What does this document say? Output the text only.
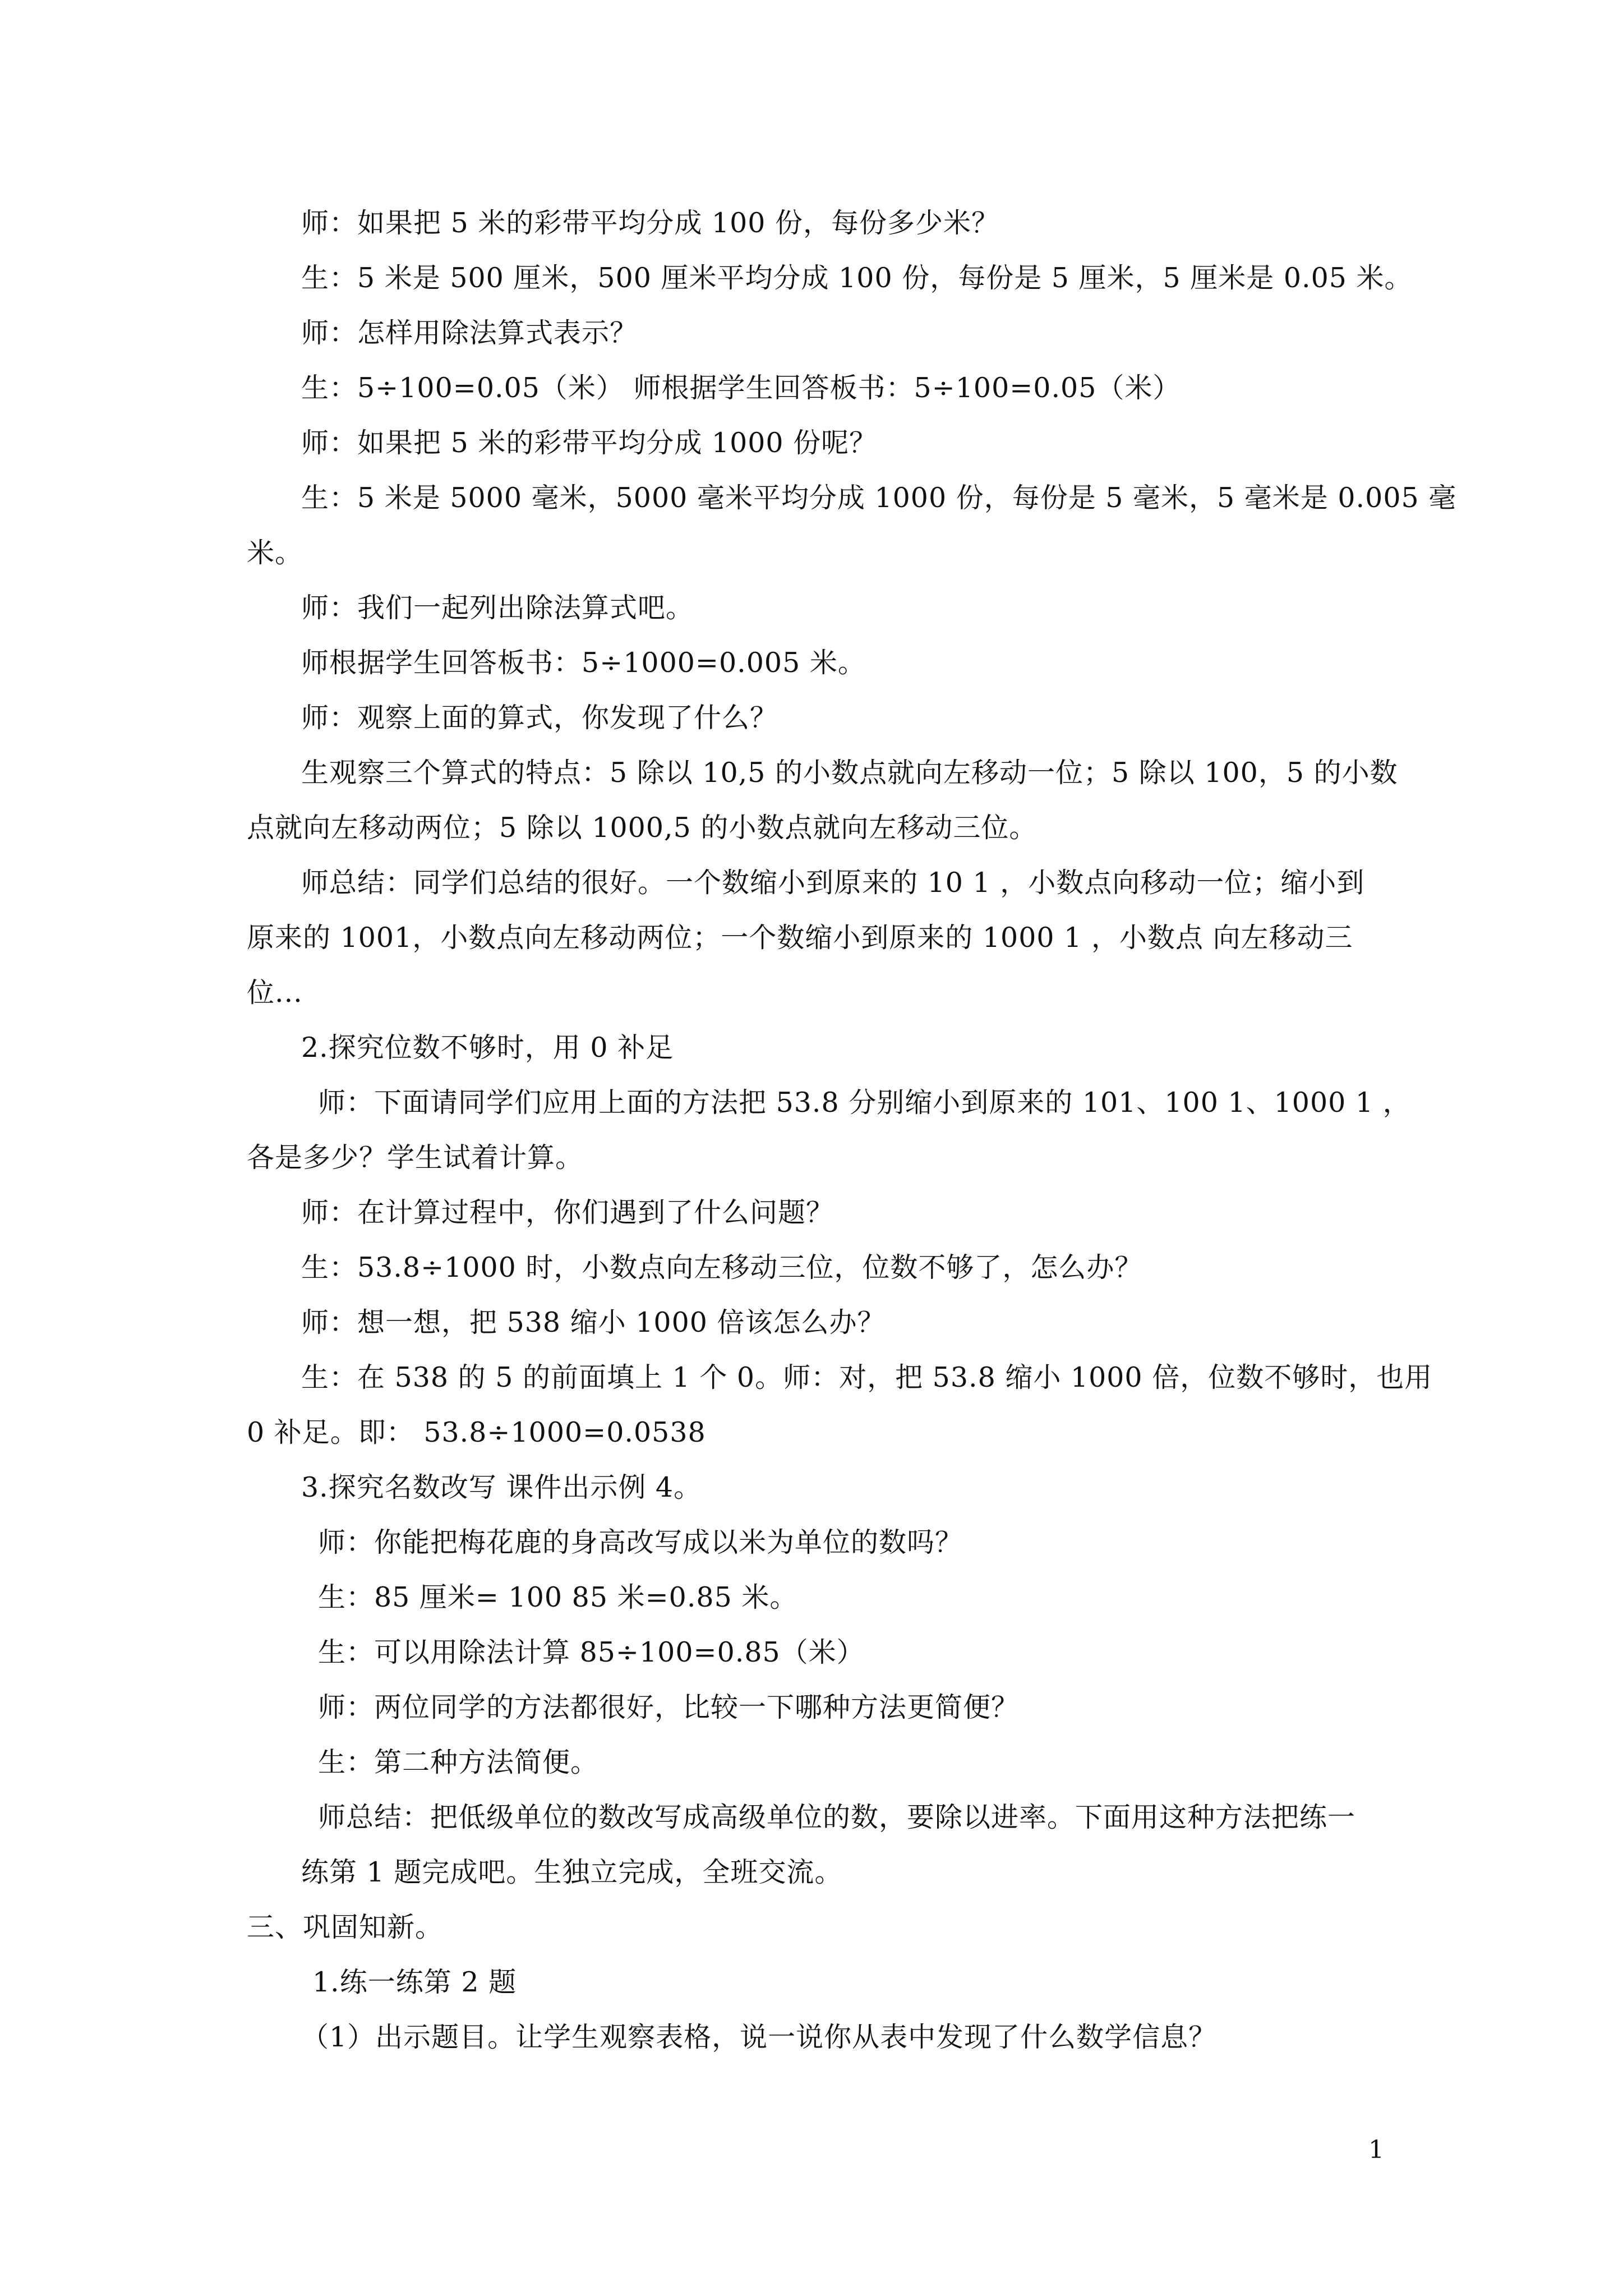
师：如果把 5 米的彩带平均分成 100 份，每份多少米？
生：5 米是 500 厘米，500 厘米平均分成 100 份，每份是 5 厘米，5 厘米是 0.05 米。
师：怎样用除法算式表示？
生：5÷100=0.05（米） 师根据学生回答板书：5÷100=0.05（米）
师：如果把 5 米的彩带平均分成 1000 份呢？
生：5 米是 5000 毫米，5000 毫米平均分成 1000 份，每份是 5 毫米，5 毫米是 0.005 毫
米。
师：我们一起列出除法算式吧。
师根据学生回答板书：5÷1000=0.005 米。
师：观察上面的算式，你发现了什么？
生观察三个算式的特点：5 除以 10,5 的小数点就向左移动一位；5 除以 100，5 的小数
点就向左移动两位；5 除以 1000,5 的小数点就向左移动三位。
师总结：同学们总结的很好。一个数缩小到原来的 10 1 ，小数点向移动一位；缩小到
原来的 1001，小数点向左移动两位；一个数缩小到原来的 1000 1 ，小数点 向左移动三
位...
2.探究位数不够时，用 0 补足
师：下面请同学们应用上面的方法把 53.8 分别缩小到原来的 101、100 1、1000 1 ，
各是多少？学生试着计算。
师：在计算过程中，你们遇到了什么问题？
生：53.8÷1000 时，小数点向左移动三位，位数不够了，怎么办？
师：想一想，把 538 缩小 1000 倍该怎么办？
生：在 538 的 5 的前面填上 1 个 0。师：对，把 53.8 缩小 1000 倍，位数不够时，也用
0 补足。即： 53.8÷1000=0.0538
3.探究名数改写 课件出示例 4。
师：你能把梅花鹿的身高改写成以米为单位的数吗？
生：85 厘米= 100 85 米=0.85 米。
生：可以用除法计算 85÷100=0.85（米）
师：两位同学的方法都很好，比较一下哪种方法更简便？
生：第二种方法简便。
师总结：把低级单位的数改写成高级单位的数，要除以进率。下面用这种方法把练一
练第 1 题完成吧。生独立完成，全班交流。
三、巩固知新。
1.练一练第 2 题
（1）出示题目。让学生观察表格，说一说你从表中发现了什么数学信息？
1
